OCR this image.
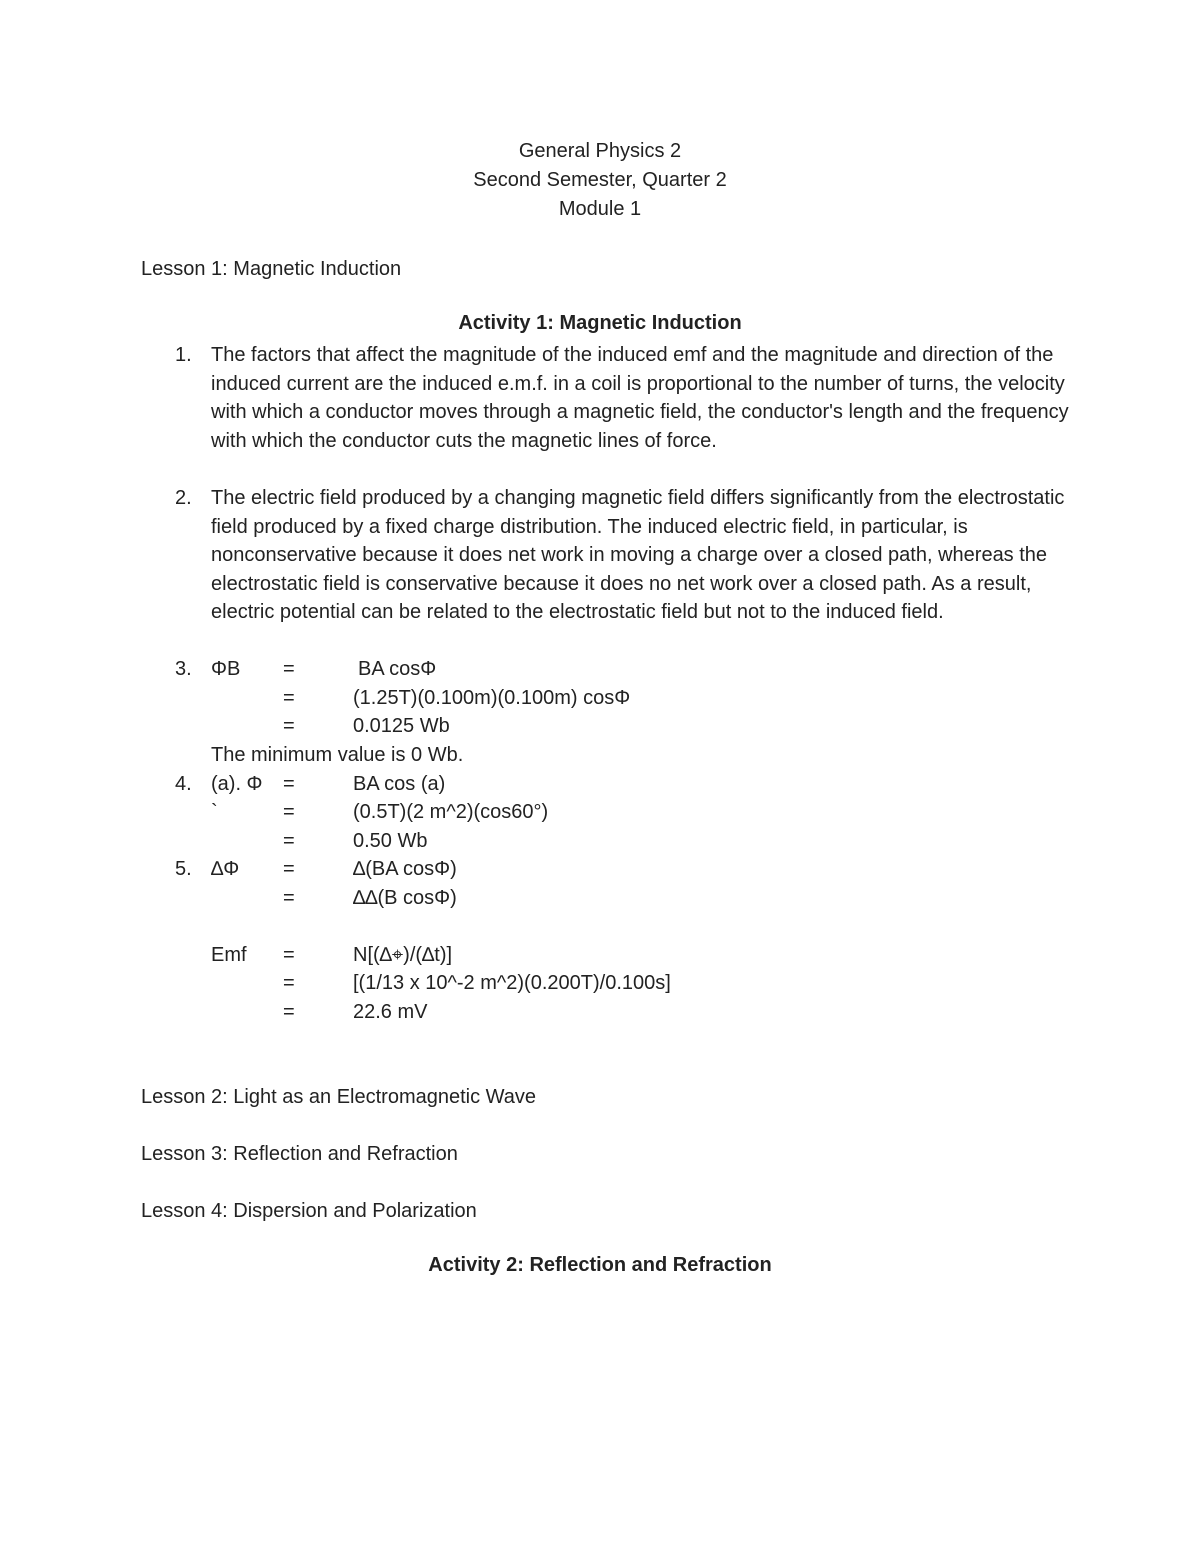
General Physics 2
Second Semester, Quarter 2
Module 1
Lesson 1: Magnetic Induction
Activity 1: Magnetic Induction
1. The factors that affect the magnitude of the induced emf and the magnitude and direction of the induced current are the induced e.m.f. in a coil is proportional to the number of turns, the velocity with which a conductor moves through a magnetic field, the conductor's length and the frequency with which the conductor cuts the magnetic lines of force.
2. The electric field produced by a changing magnetic field differs significantly from the electrostatic field produced by a fixed charge distribution. The induced electric field, in particular, is nonconservative because it does net work in moving a charge over a closed path, whereas the electrostatic field is conservative because it does no net work over a closed path. As a result, electric potential can be related to the electrostatic field but not to the induced field.
3. ΦB =	BA cosΦ
=	(1.25T)(0.100m)(0.100m) cosΦ
=	0.0125 Wb
The minimum value is 0 Wb.
4. (a). Φ =	BA cos (a)
`	=	(0.5T)(2 m^2)(cos60°)
=	0.50 Wb
5. ∆Φ =	∆(BA cosΦ)
=	∆∆(B cosΦ)
Emf =	N[(∆⌖)/(∆t)]
=	[(1/13 x 10^-2 m^2)(0.200T)/0.100s]
=	22.6 mV
Lesson 2: Light as an Electromagnetic Wave
Lesson 3: Reflection and Refraction
Lesson 4: Dispersion and Polarization
Activity 2: Reflection and Refraction
